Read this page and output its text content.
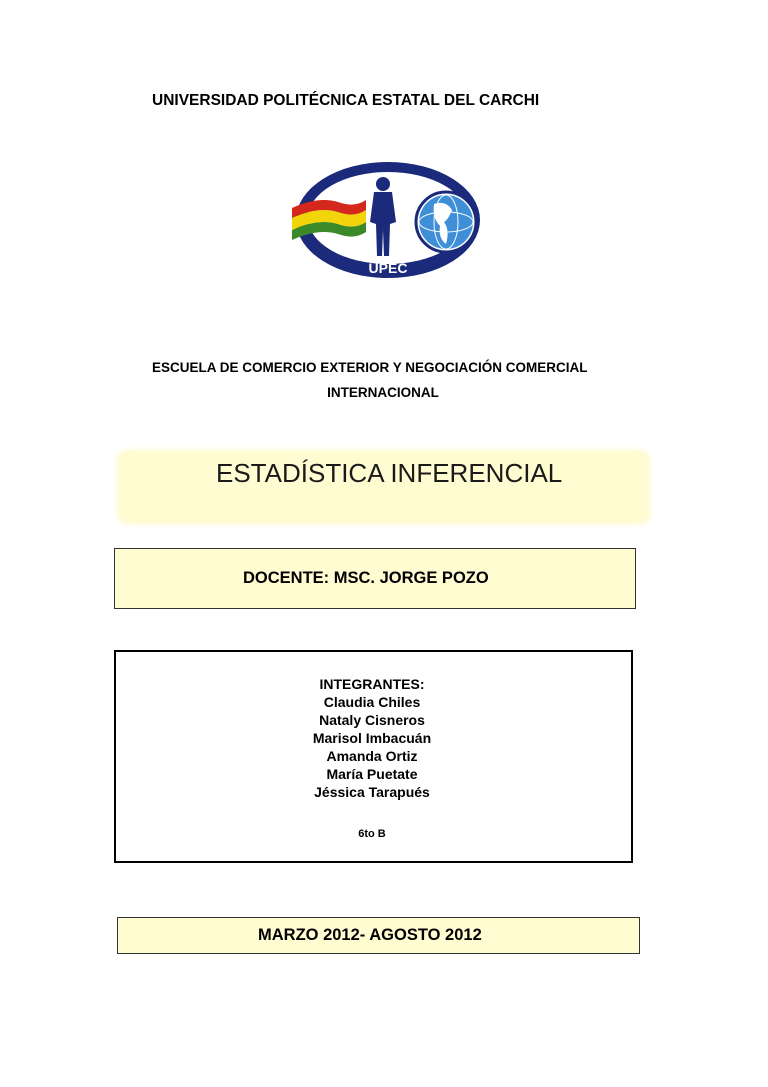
UNIVERSIDAD POLITÉCNICA ESTATAL DEL CARCHI
UPEC
ESCUELA DE COMERCIO EXTERIOR Y NEGOCIACIÓN COMERCIAL
INTERNACIONAL
ESTADÍSTICA INFERENCIAL
DOCENTE: MSC. JORGE POZO
INTEGRANTES:
Claudia Chiles
Nataly Cisneros
Marisol Imbacuán
Amanda Ortiz
María Puetate
Jéssica Tarapués
6to B
MARZO 2012- AGOSTO 2012
